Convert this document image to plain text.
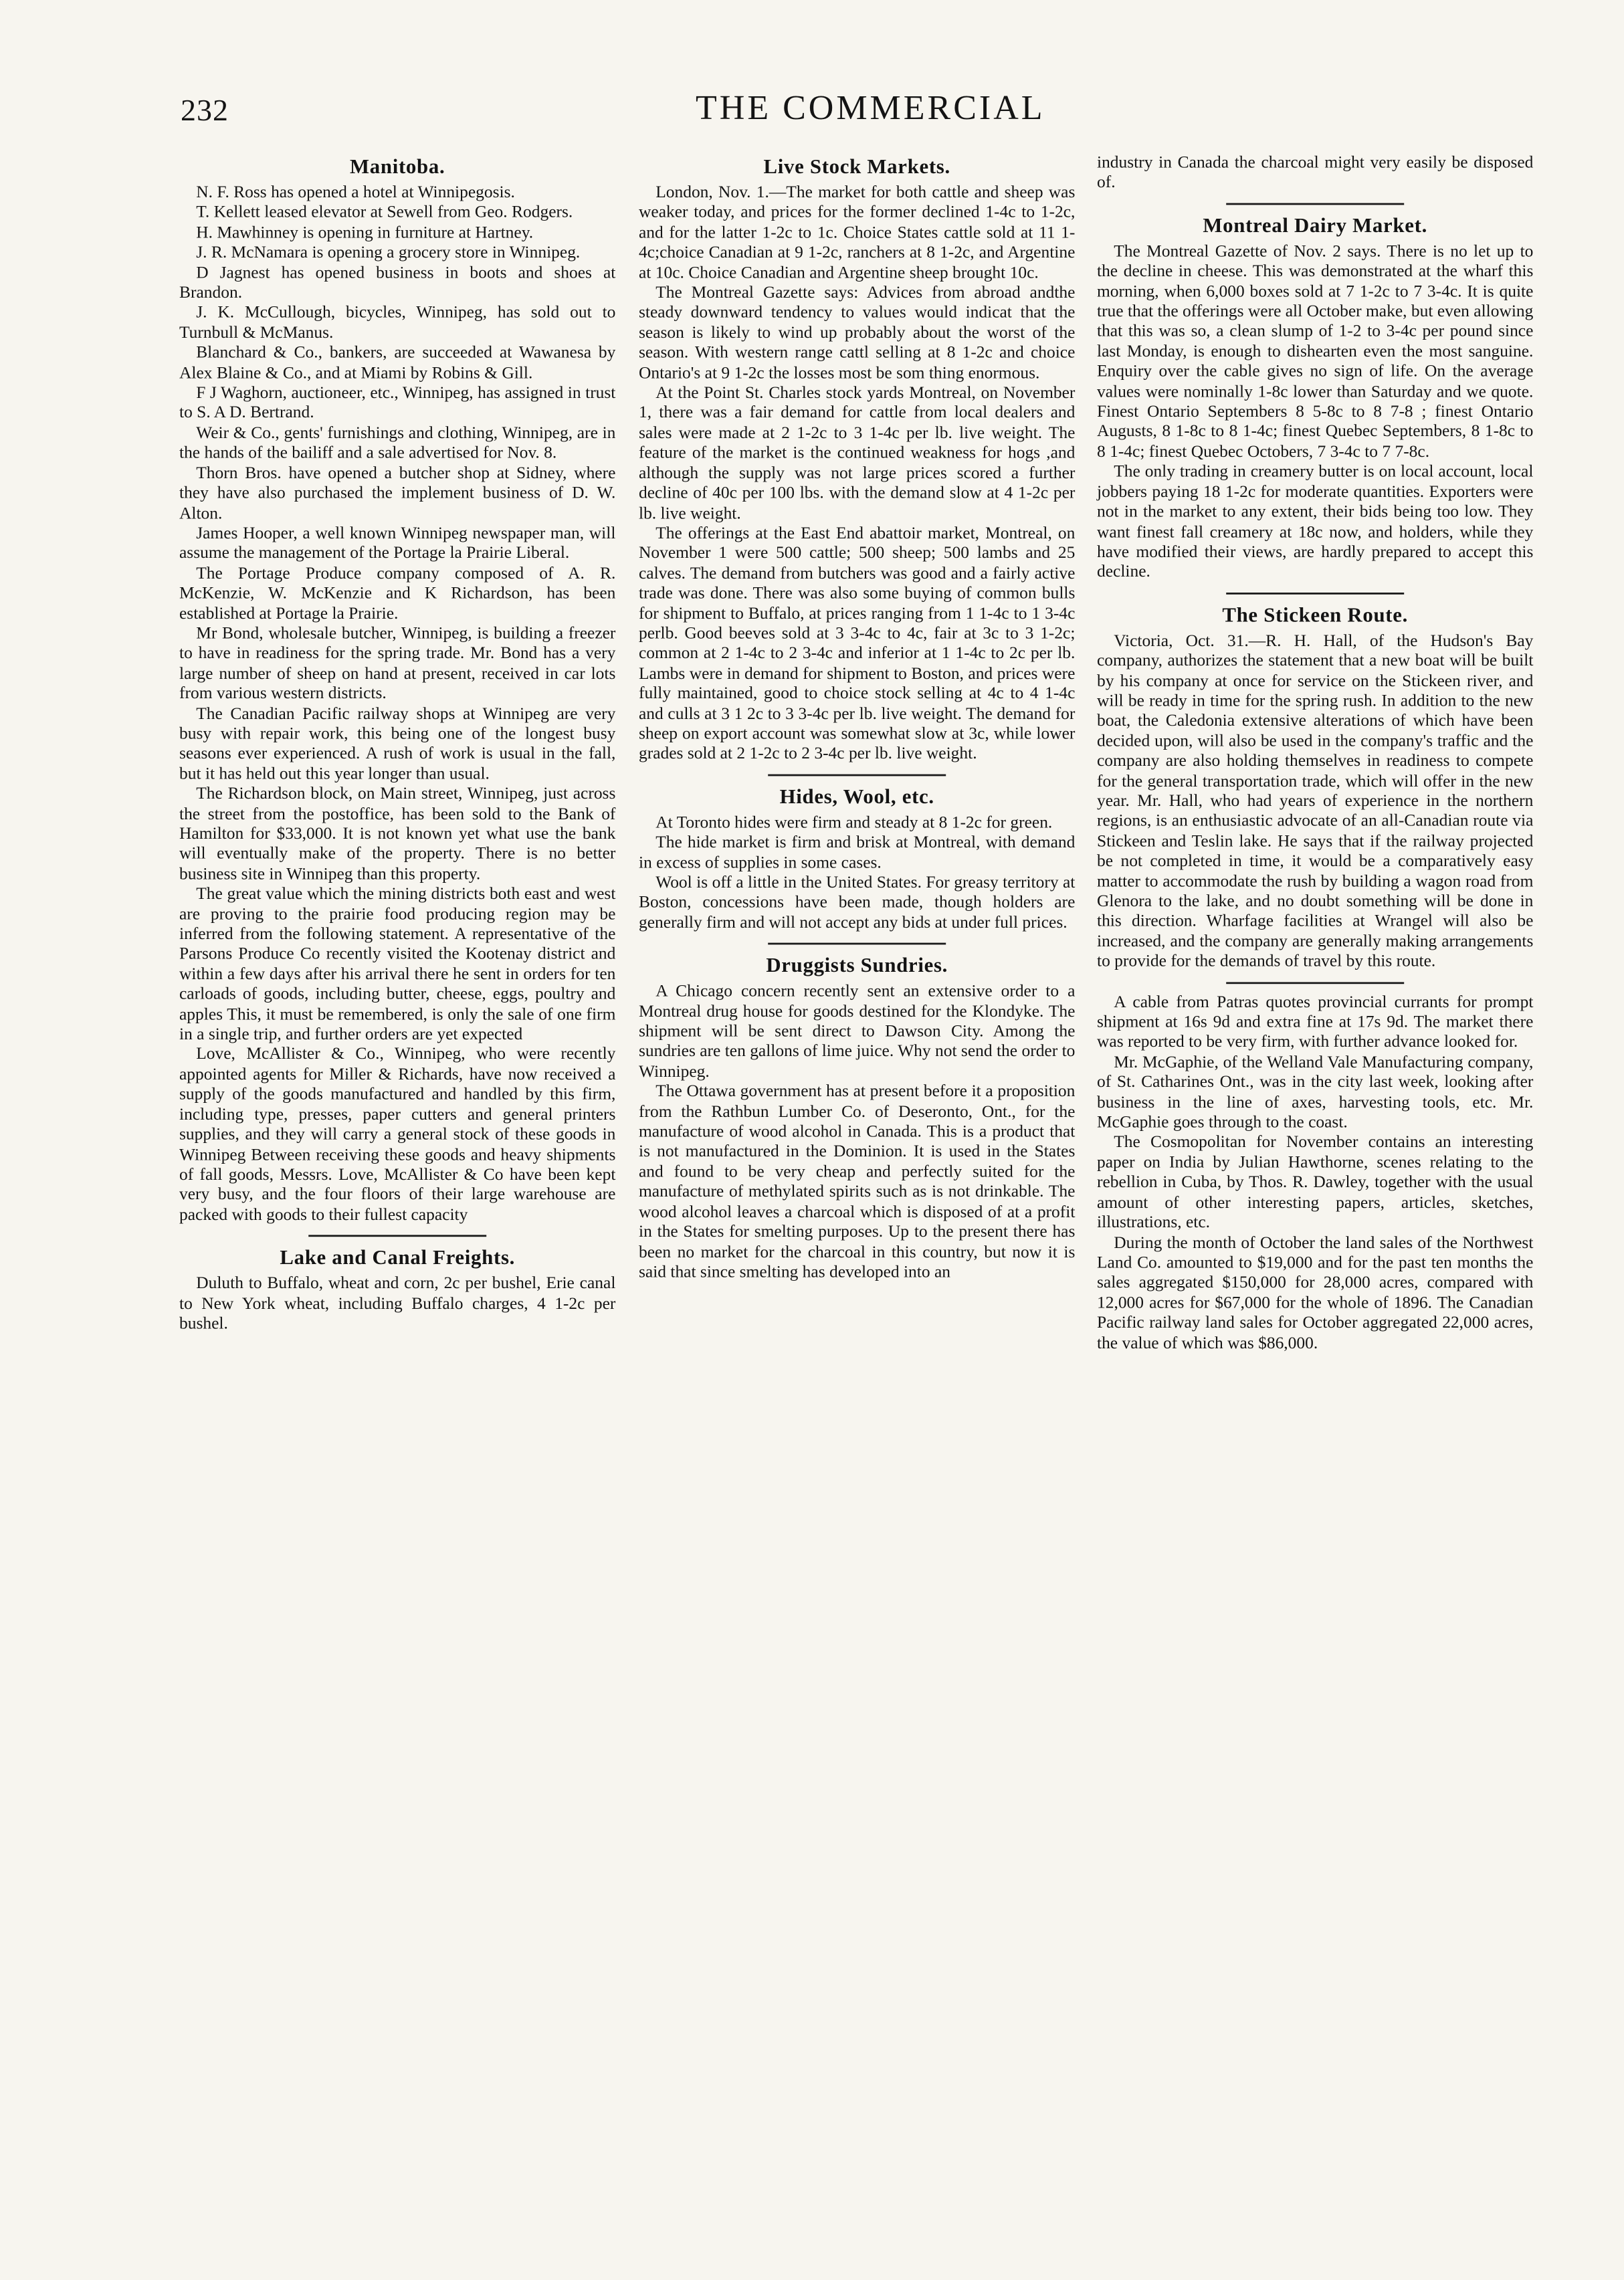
232	THE COMMERCIAL
Manitoba.

N. F. Ross has opened a hotel at Winnipegosis.

T. Kellett leased elevator at Sewell from Geo. Rodgers.

H. Mawhinney is opening in furniture at Hartney.

J. R. McNamara is opening a grocery store in Winnipeg.

D Jagnest has opened business in boots and shoes at Brandon.

J. K. McCullough, bicycles, Winnipeg, has sold out to Turnbull & McManus.

Blanchard & Co., bankers, are succeeded at Wawanesa by Alex Blaine & Co., and at Miami by Robins & Gill.

F J Waghorn, auctioneer, etc., Winnipeg, has assigned in trust to S. A D. Bertrand.

Weir & Co., gents' furnishings and clothing, Winnipeg, are in the hands of the bailiff and a sale advertised for Nov. 8.

Thorn Bros. have opened a butcher shop at Sidney, where they have also purchased the implement business of D. W. Alton.

James Hooper, a well known Winnipeg newspaper man, will assume the management of the Portage la Prairie Liberal.

The Portage Produce company composed of A. R. McKenzie, W. McKenzie and K Richardson, has been established at Portage la Prairie.

Mr Bond, wholesale butcher, Winnipeg, is building a freezer to have in readiness for the spring trade. Mr. Bond has a very large number of sheep on hand at present, received in car lots from various western districts.

The Canadian Pacific railway shops at Winnipeg are very busy with repair work, this being one of the longest busy seasons ever experienced. A rush of work is usual in the fall, but it has held out this year longer than usual.

The Richardson block, on Main street, Winnipeg, just across the street from the postoffice, has been sold to the Bank of Hamilton for $33,000. It is not known yet what use the bank will eventually make of the property. There is no better business site in Winnipeg than this property.

The great value which the mining districts both east and west are proving to the prairie food producing region may be inferred from the following statement. A representative of the Parsons Produce Co recently visited the Kootenay district and within a few days after his arrival there he sent in orders for ten carloads of goods, including butter, cheese, eggs, poultry and apples This, it must be remembered, is only the sale of one firm in a single trip, and further orders are yet expected

Love, McAllister & Co., Winnipeg, who were recently appointed agents for Miller & Richards, have now received a supply of the goods manufactured and handled by this firm, including type, presses, paper cutters and general printers supplies, and they will carry a general stock of these goods in Winnipeg Between receiving these goods and heavy shipments of fall goods, Messrs. Love, McAllister & Co have been kept very busy, and the four floors of their large warehouse are packed with goods to their fullest capacity

Lake and Canal Freights.

Duluth to Buffalo, wheat and corn, 2c per bushel, Erie canal to New York wheat, including Buffalo charges, 4 1-2c per bushel.

Live Stock Markets.

London, Nov. 1.—The market for both cattle and sheep was weaker today, and prices for the former declined 1-4c to 1-2c, and for the latter 1-2c to 1c. Choice States cattle sold at 11 1-4c;choice Canadian at 9 1-2c, ranchers at 8 1-2c, and Argentine at 10c. Choice Canadian and Argentine sheep brought 10c.

The Montreal Gazette says: Advices from abroad andthe steady downward tendency to values would indicat that the season is likely to wind up probably about the worst of the season. With western range cattl selling at 8 1-2c and choice Ontario's at 9 1-2c the losses most be som thing enormous.

At the Point St. Charles stock yards Montreal, on November 1, there was a fair demand for cattle from local dealers and sales were made at 2 1-2c to 3 1-4c per lb. live weight. The feature of the market is the continued weakness for hogs ,and although the supply was not large prices scored a further decline of 40c per 100 lbs. with the demand slow at 4 1-2c per lb. live weight.

The offerings at the East End abattoir market, Montreal, on November 1 were 500 cattle; 500 sheep; 500 lambs and 25 calves. The demand from butchers was good and a fairly active trade was done. There was also some buying of common bulls for shipment to Buffalo, at prices ranging from 1 1-4c to 1 3-4c perlb. Good beeves sold at 3 3-4c to 4c, fair at 3c to 3 1-2c; common at 2 1-4c to 2 3-4c and inferior at 1 1-4c to 2c per lb. Lambs were in demand for shipment to Boston, and prices were fully maintained, good to choice stock selling at 4c to 4 1-4c and culls at 3 1 2c to 3 3-4c per lb. live weight. The demand for sheep on export account was somewhat slow at 3c, while lower grades sold at 2 1-2c to 2 3-4c per lb. live weight.

Hides, Wool, etc.

At Toronto hides were firm and steady at 8 1-2c for green.

The hide market is firm and brisk at Montreal, with demand in excess of supplies in some cases.

Wool is off a little in the United States. For greasy territory at Boston, concessions have been made, though holders are generally firm and will not accept any bids at under full prices.

Druggists Sundries.

A Chicago concern recently sent an extensive order to a Montreal drug house for goods destined for the Klondyke. The shipment will be sent direct to Dawson City. Among the sundries are ten gallons of lime juice. Why not send the order to Winnipeg.

The Ottawa government has at present before it a proposition from the Rathbun Lumber Co. of Deseronto, Ont., for the manufacture of wood alcohol in Canada. This is a product that is not manufactured in the Dominion. It is used in the States and found to be very cheap and perfectly suited for the manufacture of methylated spirits such as is not drinkable. The wood alcohol leaves a charcoal which is disposed of at a profit in the States for smelting purposes. Up to the present there has been no market for the charcoal in this country, but now it is said that since smelting has developed into an

industry in Canada the charcoal might very easily be disposed of.

Montreal Dairy Market.

The Montreal Gazette of Nov. 2 says. There is no let up to the decline in cheese. This was demonstrated at the wharf this morning, when 6,000 boxes sold at 7 1-2c to 7 3-4c. It is quite true that the offerings were all October make, but even allowing that this was so, a clean slump of 1-2 to 3-4c per pound since last Monday, is enough to dishearten even the most sanguine. Enquiry over the cable gives no sign of life. On the average values were nominally 1-8c lower than Saturday and we quote. Finest Ontario Septembers 8 5-8c to 8 7-8 ; finest Ontario Augusts, 8 1-8c to 8 1-4c; finest Quebec Septembers, 8 1-8c to 8 1-4c; finest Quebec Octobers, 7 3-4c to 7 7-8c.

The only trading in creamery butter is on local account, local jobbers paying 18 1-2c for moderate quantities. Exporters were not in the market to any extent, their bids being too low. They want finest fall creamery at 18c now, and holders, while they have modified their views, are hardly prepared to accept this decline.

The Stickeen Route.

Victoria, Oct. 31.—R. H. Hall, of the Hudson's Bay company, authorizes the statement that a new boat will be built by his company at once for service on the Stickeen river, and will be ready in time for the spring rush. In addition to the new boat, the Caledonia extensive alterations of which have been decided upon, will also be used in the company's traffic and the company are also holding themselves in readiness to compete for the general transportation trade, which will offer in the new year. Mr. Hall, who had years of experience in the northern regions, is an enthusiastic advocate of an all-Canadian route via Stickeen and Teslin lake. He says that if the railway projected be not completed in time, it would be a comparatively easy matter to accommodate the rush by building a wagon road from Glenora to the lake, and no doubt something will be done in this direction. Wharfage facilities at Wrangel will also be increased, and the company are generally making arrangements to provide for the demands of travel by this route.

A cable from Patras quotes provincial currants for prompt shipment at 16s 9d and extra fine at 17s 9d. The market there was reported to be very firm, with further advance looked for.

Mr. McGaphie, of the Welland Vale Manufacturing company, of St. Catharines Ont., was in the city last week, looking after business in the line of axes, harvesting tools, etc. Mr. McGaphie goes through to the coast.

The Cosmopolitan for November contains an interesting paper on India by Julian Hawthorne, scenes relating to the rebellion in Cuba, by Thos. R. Dawley, together with the usual amount of other interesting papers, articles, sketches, illustrations, etc.

During the month of October the land sales of the Northwest Land Co. amounted to $19,000 and for the past ten months the sales aggregated $150,000 for 28,000 acres, compared with 12,000 acres for $67,000 for the whole of 1896. The Canadian Pacific railway land sales for October aggregated 22,000 acres, the value of which was $86,000.
